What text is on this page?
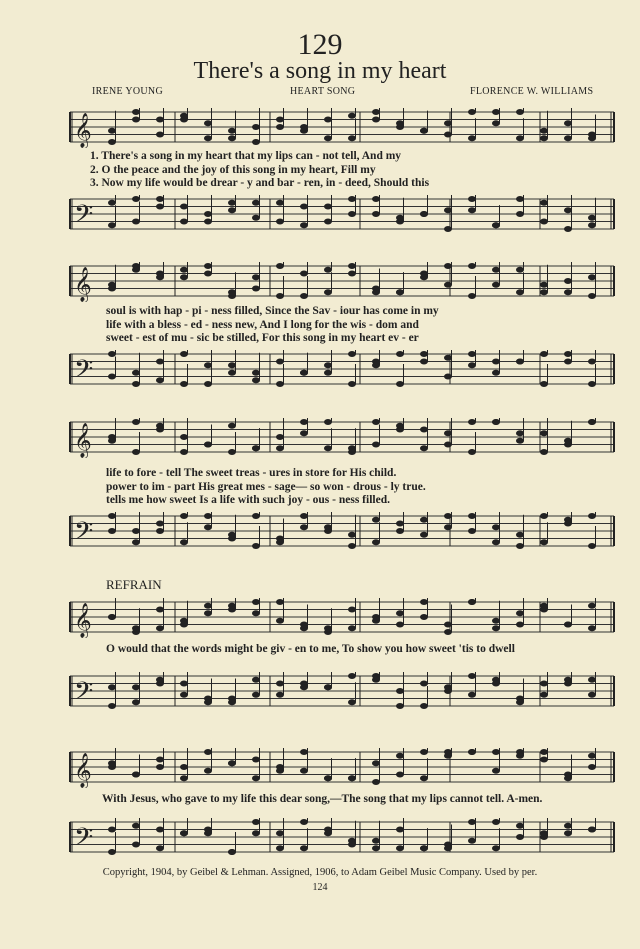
129
There's a song in my heart
IRENE YOUNG	HEART SONG	FLORENCE W. WILLIAMS
𝄞
1. There's a song in my heart that my lips can - not tell, And my
2. O the peace and the joy of this song in my heart, Fill my
3. Now my life would be drear - y and bar - ren, in - deed, Should this
𝄢
𝄞
soul is with hap - pi - ness filled, Since the Sav - iour has come in my
life with a bless - ed - ness new, And I long for the wis - dom and
sweet - est of mu - sic be stilled, For this song in my heart ev - er
𝄢
𝄞
life to fore - tell The sweet treas - ures in store for His child.
power to im - part His great mes - sage— so won - drous - ly true.
tells me how sweet Is a life with such joy - ous - ness filled.
𝄢
REFRAIN
𝄞
O would that the words might be giv - en to me, To show you how sweet 'tis to dwell
𝄢
𝄞
With Jesus, who gave to my life this dear song,—The song that my lips cannot tell. A-men.
𝄢
Copyright, 1904, by Geibel & Lehman. Assigned, 1906, to Adam Geibel Music Company. Used by per.
124
